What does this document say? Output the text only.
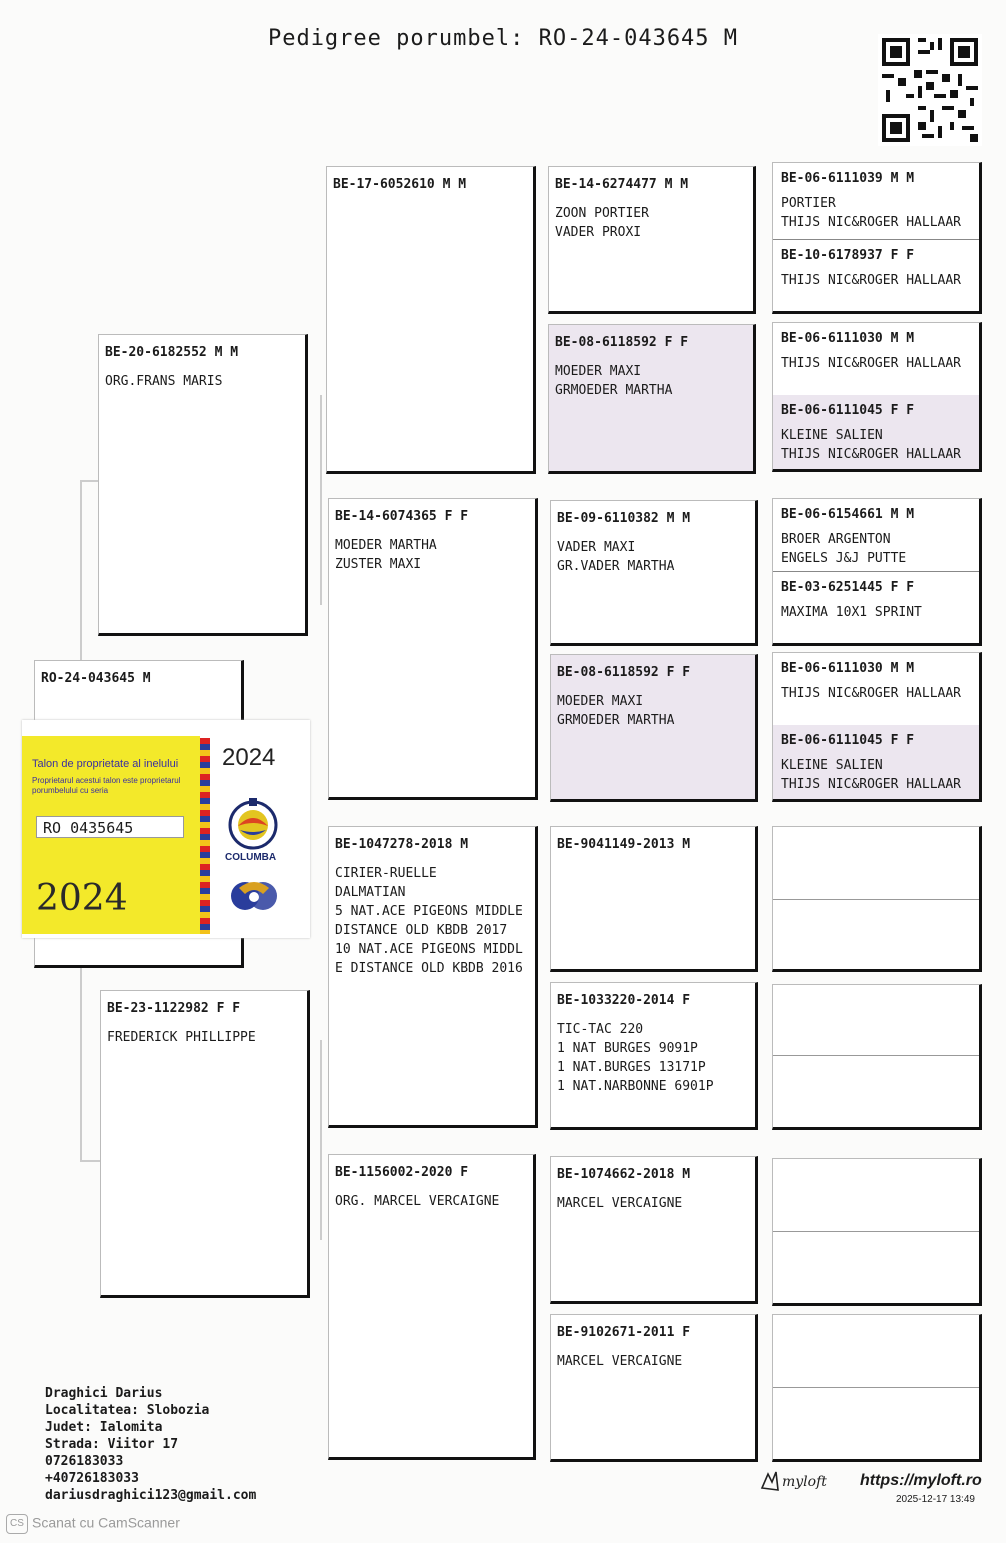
Pedigree porumbel: RO-24-043645 M
RO-24-043645 M
Talon de proprietate al inelului
Proprietarul acestui talon este proprietarul porumbelului cu seria
RO 0435645
2024
2024
COLUMBA
BE-20-6182552 M M
ORG.FRANS MARIS
BE-23-1122982 F F
FREDERICK PHILLIPPE
BE-17-6052610 M M
BE-14-6074365 F F
MOEDER MARTHA
ZUSTER MAXI
BE-1047278-2018 M
CIRIER-RUELLE
DALMATIAN
5 NAT.ACE PIGEONS MIDDLE
DISTANCE OLD KBDB 2017
10 NAT.ACE PIGEONS MIDDL
E DISTANCE OLD KBDB 2016
BE-1156002-2020 F
ORG. MARCEL VERCAIGNE
BE-14-6274477 M M
ZOON PORTIER
VADER PROXI
BE-08-6118592 F F
MOEDER MAXI
GRMOEDER MARTHA
BE-09-6110382 M M
VADER MAXI
GR.VADER MARTHA
BE-08-6118592 F F
MOEDER MAXI
GRMOEDER MARTHA
BE-9041149-2013 M
BE-1033220-2014 F
TIC-TAC 220
1 NAT BURGES 9091P
1 NAT.BURGES 13171P
1 NAT.NARBONNE 6901P
BE-1074662-2018 M
MARCEL VERCAIGNE
BE-9102671-2011 F
MARCEL VERCAIGNE
BE-06-6111039 M M
PORTIER
THIJS NIC&ROGER HALLAAR
BE-10-6178937 F F
THIJS NIC&ROGER HALLAAR
BE-06-6111030 M M
THIJS NIC&ROGER HALLAAR
BE-06-6111045 F F
KLEINE SALIEN
THIJS NIC&ROGER HALLAAR
BE-06-6154661 M M
BROER ARGENTON
ENGELS J&J PUTTE
BE-03-6251445 F F
MAXIMA 10X1 SPRINT
BE-06-6111030 M M
THIJS NIC&ROGER HALLAAR
BE-06-6111045 F F
KLEINE SALIEN
THIJS NIC&ROGER HALLAAR
Draghici Darius
Localitatea: Slobozia
Judet: Ialomita
Strada: Viitor 17
0726183033
+40726183033
dariusdraghici123@gmail.com
myloft https://myloft.ro
2025-12-17 13:49
CS Scanat cu CamScanner
